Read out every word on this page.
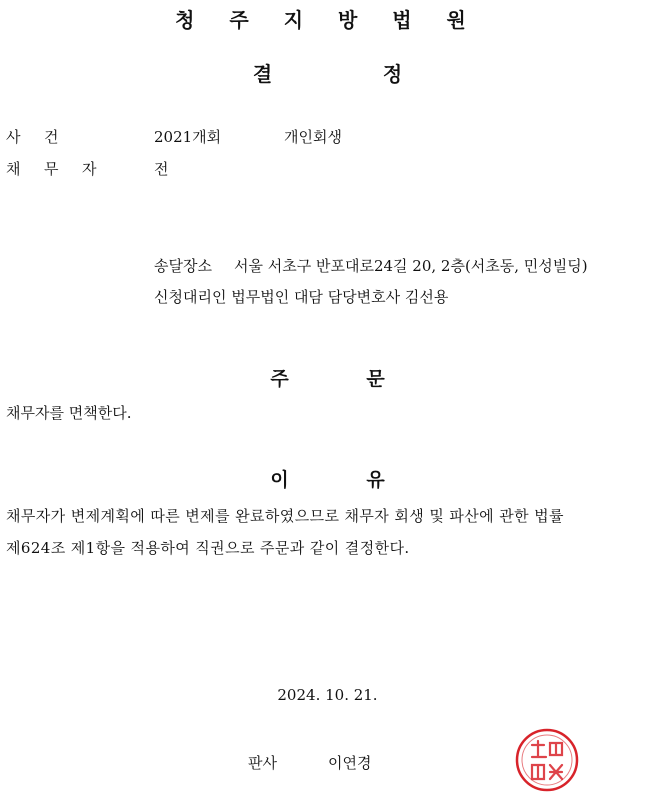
청 주 지 방 법 원
결	정
사 건	2021개회	개인회생
채 무 자	전
송달장소 서울 서초구 반포대로24길 20, 2층(서초동, 민성빌딩)
신청대리인 법무법인 대담 담당변호사 김선용
주	문
채무자를 면책한다.
이	유
채무자가 변제계획에 따른 변제를 완료하였으므로 채무자 회생 및 파산에 관한 법률
제624조 제1항을 적용하여 직권으로 주문과 같이 결정한다.
2024. 10. 21.
판사	이연경
